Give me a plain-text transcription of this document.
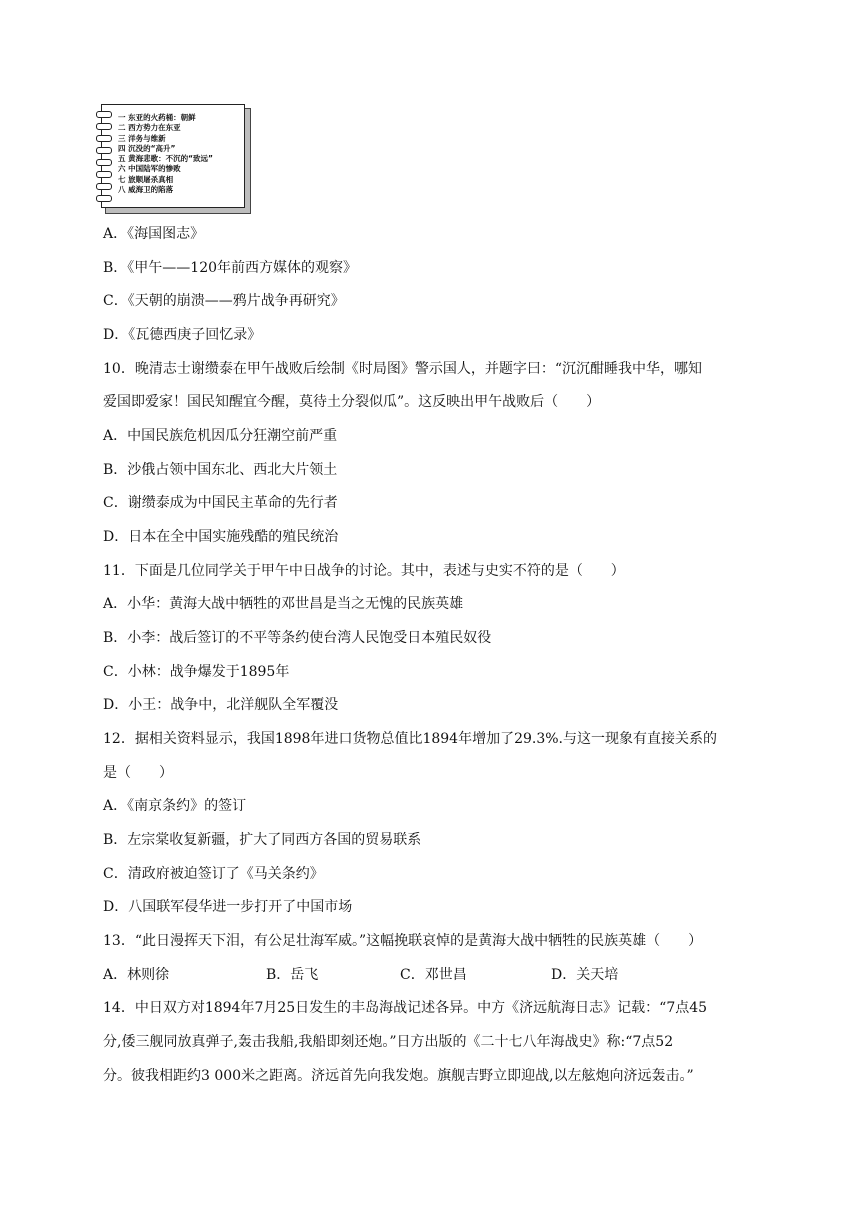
一 东亚的火药桶：朝鲜
二 西方势力在东亚
三 洋务与维新
四 沉没的“高升”
五 黄海悲歌：不沉的“致远”
六 中国陆军的惨败
七 旅顺屠杀真相
八 威海卫的陷落
A．《海国图志》
B．《甲午——120年前西方媒体的观察》
C．《天朝的崩溃——鸦片战争再研究》
D．《瓦德西庚子回忆录》
10．晚清志士谢缵泰在甲午战败后绘制《时局图》警示国人，并题字曰：“沉沉酣睡我中华，哪知
爱国即爱家！国民知醒宜今醒，莫待土分裂似瓜”。这反映出甲午战败后（　　）
A．中国民族危机因瓜分狂潮空前严重
B．沙俄占领中国东北、西北大片领土
C．谢缵泰成为中国民主革命的先行者
D．日本在全中国实施残酷的殖民统治
11．下面是几位同学关于甲午中日战争的讨论。其中，表述与史实不符的是（　　）
A．小华：黄海大战中牺牲的邓世昌是当之无愧的民族英雄
B．小李：战后签订的不平等条约使台湾人民饱受日本殖民奴役
C．小林：战争爆发于1895年
D．小王：战争中，北洋舰队全军覆没
12．据相关资料显示，我国1898年进口货物总值比1894年增加了29.3%.与这一现象有直接关系的
是（　　）
A．《南京条约》的签订
B．左宗棠收复新疆，扩大了同西方各国的贸易联系
C．清政府被迫签订了《马关条约》
D．八国联军侵华进一步打开了中国市场
13．“此日漫挥天下泪，有公足壮海军威。”这幅挽联哀悼的是黄海大战中牺牲的民族英雄（　　）
A．林则徐	B．岳飞	C．邓世昌	D．关天培
14．中日双方对1894年7月25日发生的丰岛海战记述各异。中方《济远航海日志》记载：“7点45
分,倭三舰同放真弹子,轰击我船,我船即刻还炮。”日方出版的《二十七八年海战史》称:“7点52
分。彼我相距约3 000米之距离。济远首先向我发炮。旗舰吉野立即迎战,以左舷炮向济远轰击。”
